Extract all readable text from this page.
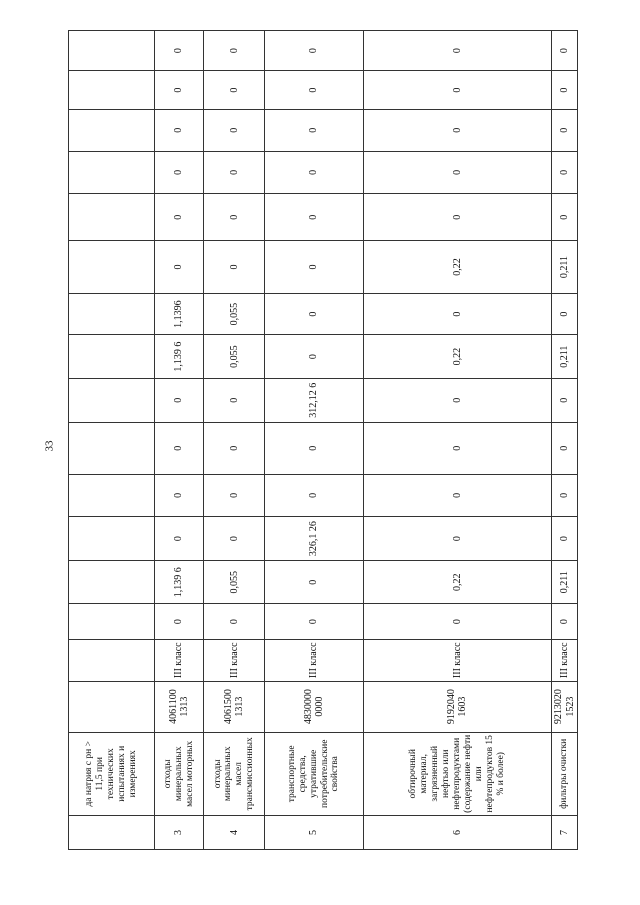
33
	да натрия с рн > 11,5 при технических испытаниях и измерениях																
3	отходы минеральных масел моторных	4061100 1313	III класс	0	1,139 6	0	0	0	0	1,139 6	1,1396	0	0	0	0	0	0
4	отходы минеральных масел трансмиссионных	4061500 1313	III класс	0	0,055	0	0	0	0	0,055	0,055	0	0	0	0	0	0
5	транспортные средства, утратившие потребительские свойства	4830000 0000	III класс	0	0	326,1 26	0	0	312,12 6	0	0	0	0	0	0	0	0
6	обтирочный материал, загрязненный нефтью или нефтепродуктами (содержание нефти или нефтепродуктов 15 % и более)	9192040 1603	III класс	0	0,22	0	0	0	0	0,22	0	0,22	0	0	0	0	0
7	фильтры очистки	9213020 1523	III класс	0	0,211	0	0	0	0	0,211	0	0,211	0	0	0	0	0
